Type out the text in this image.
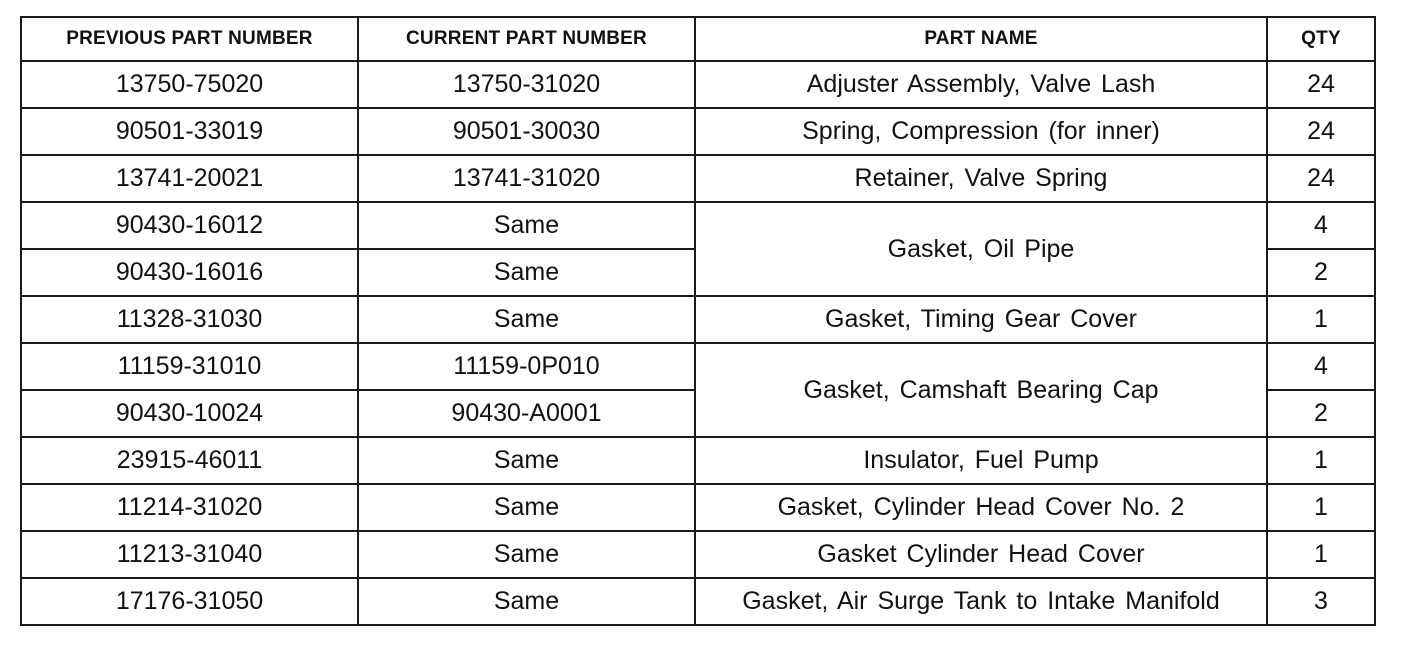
PREVIOUS PART NUMBER	CURRENT PART NUMBER	PART NAME	QTY
13750-75020	13750-31020	Adjuster Assembly, Valve Lash	24
90501-33019	90501-30030	Spring, Compression (for inner)	24
13741-20021	13741-31020	Retainer, Valve Spring	24
90430-16012	Same	Gasket, Oil Pipe	4
90430-16016	Same		2
11328-31030	Same	Gasket, Timing Gear Cover	1
11159-31010	11159-0P010	Gasket, Camshaft Bearing Cap	4
90430-10024	90430-A0001		2
23915-46011	Same	Insulator, Fuel Pump	1
11214-31020	Same	Gasket, Cylinder Head Cover No. 2	1
11213-31040	Same	Gasket Cylinder Head Cover	1
17176-31050	Same	Gasket, Air Surge Tank to Intake Manifold	3
